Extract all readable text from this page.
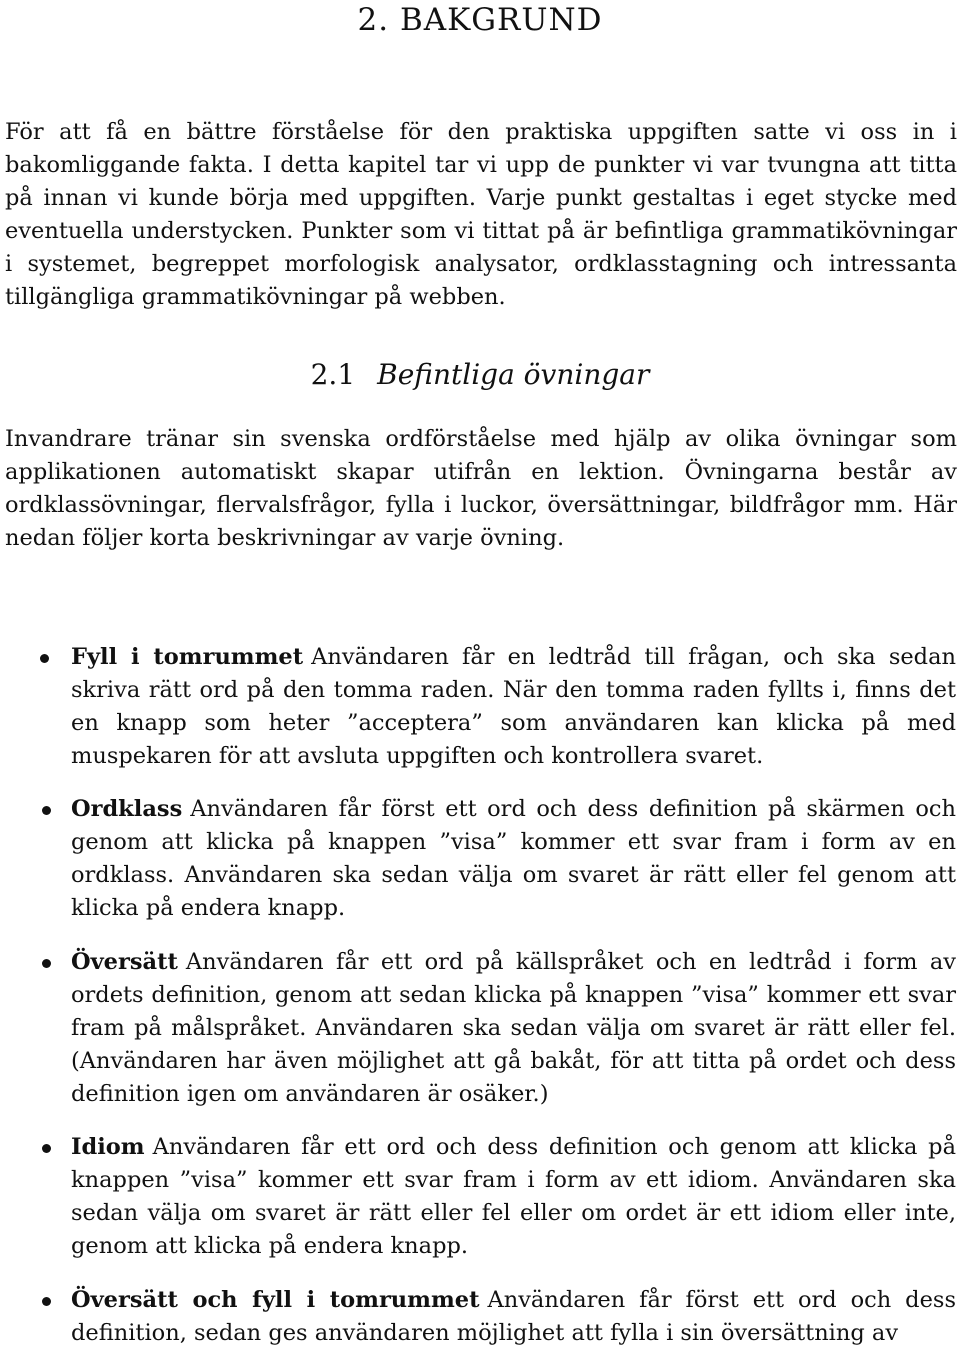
2. BAKGRUND

För att få en bättre förståelse för den praktiska uppgiften satte vi oss in i bakomliggande fakta. I detta kapitel tar vi upp de punkter vi var tvungna att titta på innan vi kunde börja med uppgiften. Varje punkt gestaltas i eget stycke med eventuella understycken. Punkter som vi tittat på är befintliga grammatikövningar i systemet, begreppet morfologisk analysator, ordklasstagning och intressanta tillgängliga grammatikövningar på webben.

2.1 Befintliga övningar

Invandrare tränar sin svenska ordförståelse med hjälp av olika övningar som applikationen automatiskt skapar utifrån en lektion. Övningarna består av ordklassövningar, flervalsfrågor, fylla i luckor, översättningar, bildfrågor mm. Här nedan följer korta beskrivningar av varje övning.

Fyll i tomrummet Användaren får en ledtråd till frågan, och ska sedan skriva rätt ord på den tomma raden. När den tomma raden fyllts i, finns det en knapp som heter ”acceptera” som användaren kan klicka på med muspekaren för att avsluta uppgiften och kontrollera svaret.

Ordklass Användaren får först ett ord och dess definition på skärmen och genom att klicka på knappen ”visa” kommer ett svar fram i form av en ordklass. Användaren ska sedan välja om svaret är rätt eller fel genom att klicka på endera knapp.

Översätt Användaren får ett ord på källspråket och en ledtråd i form av ordets definition, genom att sedan klicka på knappen ”visa” kommer ett svar fram på målspråket. Användaren ska sedan välja om svaret är rätt eller fel. (Användaren har även möjlighet att gå bakåt, för att titta på ordet och dess definition igen om användaren är osäker.)

Idiom Användaren får ett ord och dess definition och genom att klicka på knappen ”visa” kommer ett svar fram i form av ett idiom. Användaren ska sedan välja om svaret är rätt eller fel eller om ordet är ett idiom eller inte, genom att klicka på endera knapp.

Översätt och fyll i tomrummet Användaren får först ett ord och dess definition, sedan ges användaren möjlighet att fylla i sin översättning av
